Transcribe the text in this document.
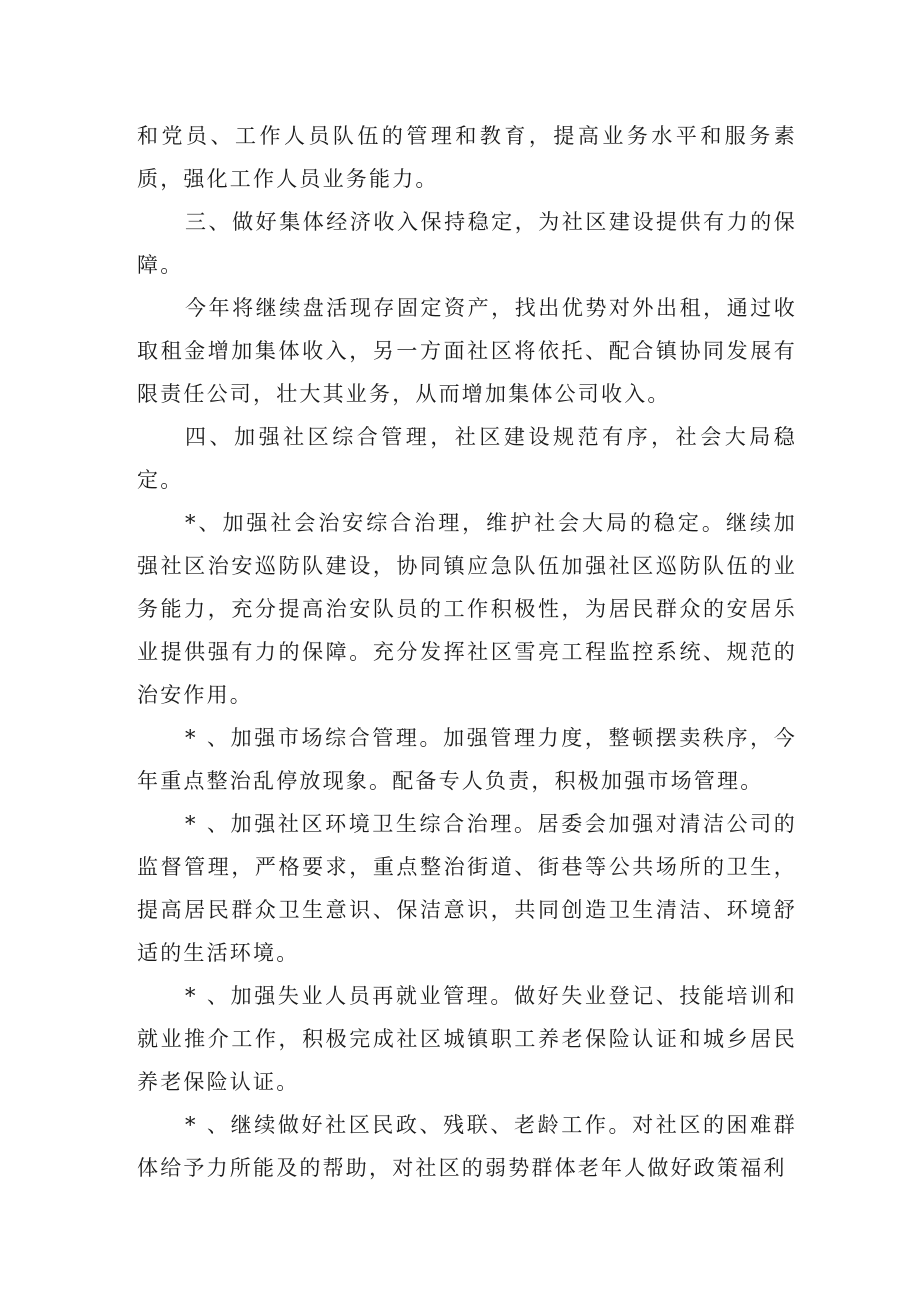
和党员、工作人员队伍的管理和教育，提高业务水平和服务素质，强化工作人员业务能力。

三、做好集体经济收入保持稳定，为社区建设提供有力的保障。

今年将继续盘活现存固定资产，找出优势对外出租，通过收取租金增加集体收入，另一方面社区将依托、配合镇协同发展有限责任公司，壮大其业务，从而增加集体公司收入。

四、加强社区综合管理，社区建设规范有序，社会大局稳定。

*、加强社会治安综合治理，维护社会大局的稳定。继续加强社区治安巡防队建设，协同镇应急队伍加强社区巡防队伍的业务能力，充分提高治安队员的工作积极性，为居民群众的安居乐业提供强有力的保障。充分发挥社区雪亮工程监控系统、规范的治安作用。

* 、加强市场综合管理。加强管理力度，整顿摆卖秩序，今年重点整治乱停放现象。配备专人负责，积极加强市场管理。

* 、加强社区环境卫生综合治理。居委会加强对清洁公司的监督管理，严格要求，重点整治街道、街巷等公共场所的卫生，提高居民群众卫生意识、保洁意识，共同创造卫生清洁、环境舒适的生活环境。

* 、加强失业人员再就业管理。做好失业登记、技能培训和就业推介工作，积极完成社区城镇职工养老保险认证和城乡居民养老保险认证。

* 、继续做好社区民政、残联、老龄工作。对社区的困难群体给予力所能及的帮助，对社区的弱势群体老年人做好政策福利
